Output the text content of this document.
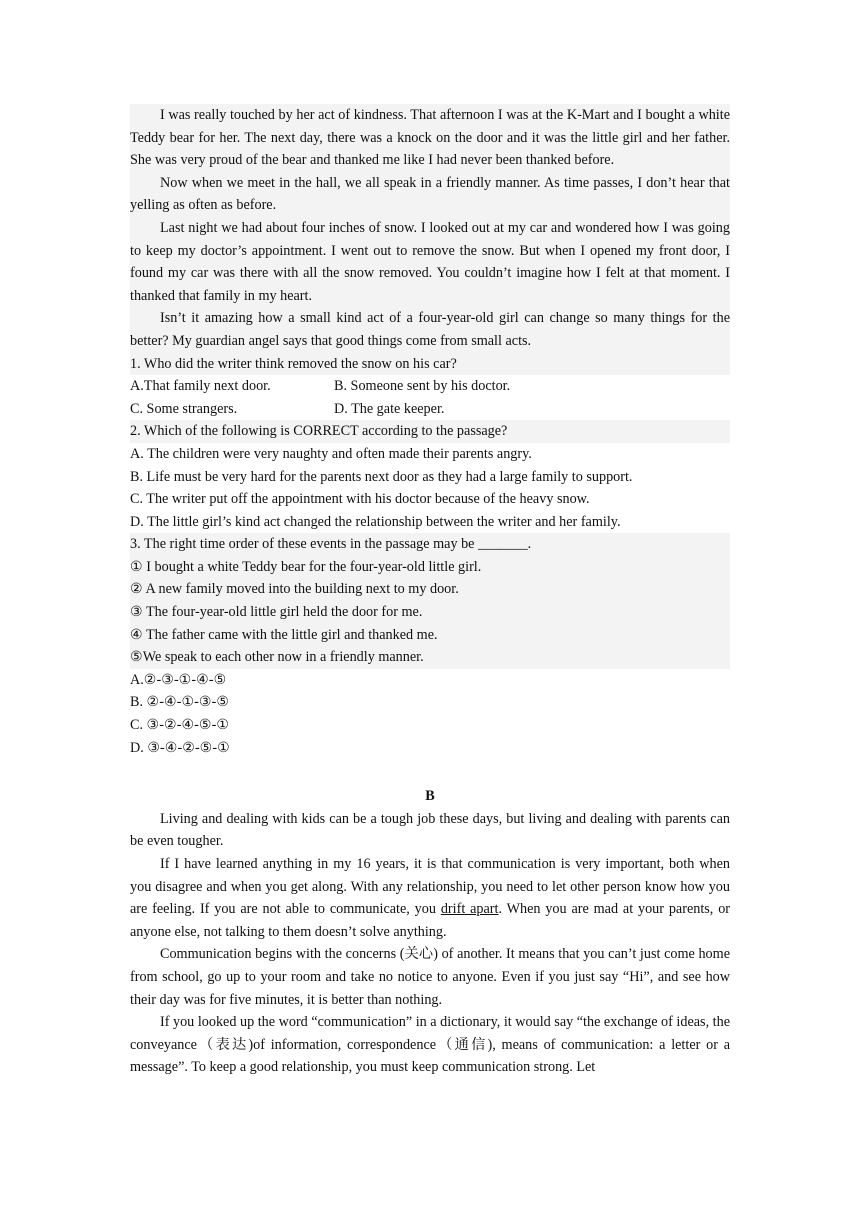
I was really touched by her act of kindness. That afternoon I was at the K-Mart and I bought a white Teddy bear for her. The next day, there was a knock on the door and it was the little girl and her father. She was very proud of the bear and thanked me like I had never been thanked before.

Now when we meet in the hall, we all speak in a friendly manner. As time passes, I don’t hear that yelling as often as before.

Last night we had about four inches of snow. I looked out at my car and wondered how I was going to keep my doctor’s appointment. I went out to remove the snow. But when I opened my front door, I found my car was there with all the snow removed. You couldn’t imagine how I felt at that moment. I thanked that family in my heart.

Isn’t it amazing how a small kind act of a four-year-old girl can change so many things for the better? My guardian angel says that good things come from small acts.

1. Who did the writer think removed the snow on his car?

A.That family next door.	B. Someone sent by his doctor.
C. Some strangers.	D. The gate keeper.

2. Which of the following is CORRECT according to the passage?

A. The children were very naughty and often made their parents angry.

B. Life must be very hard for the parents next door as they had a large family to support.

C. The writer put off the appointment with his doctor because of the heavy snow.

D. The little girl’s kind act changed the relationship between the writer and her family.

3. The right time order of these events in the passage may be _______.

① I bought a white Teddy bear for the four-year-old little girl.

② A new family moved into the building next to my door.

③ The four-year-old little girl held the door for me.

④ The father came with the little girl and thanked me.

⑤We speak to each other now in a friendly manner.

A.②-③-①-④-⑤

B. ②-④-①-③-⑤

C. ③-②-④-⑤-①

D. ③-④-②-⑤-①

B

Living and dealing with kids can be a tough job these days, but living and dealing with parents can be even tougher.

If I have learned anything in my 16 years, it is that communication is very important, both when you disagree and when you get along. With any relationship, you need to let other person know how you are feeling. If you are not able to communicate, you drift apart. When you are mad at your parents, or anyone else, not talking to them doesn’t solve anything.

Communication begins with the concerns (关心) of another. It means that you can’t just come home from school, go up to your room and take no notice to anyone. Even if you just say “Hi”, and see how their day was for five minutes, it is better than nothing.

If you looked up the word “communication” in a dictionary, it would say “the exchange of ideas, the conveyance（表达)of information, correspondence（通信), means of communication: a letter or a message”. To keep a good relationship, you must keep communication strong. Let
